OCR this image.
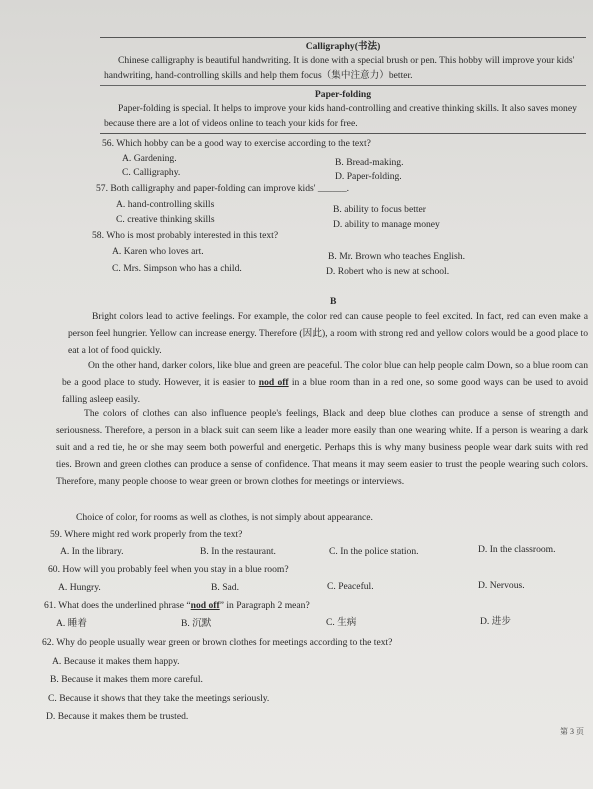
Calligraphy(书法)
Chinese calligraphy is beautiful handwriting. It is done with a special brush or pen. This hobby will improve your kids' handwriting, hand-controlling skills and help them focus（集中注意力）better.
Paper-folding
Paper-folding is special. It helps to improve your kids hand-controlling and creative thinking skills. It also saves money because there are a lot of videos online to teach your kids for free.
56. Which hobby can be a good way to exercise according to the text?
A. Gardening.	B. Bread-making.
C. Calligraphy.	D. Paper-folding.
57. Both calligraphy and paper-folding can improve kids' ______.
A. hand-controlling skills	B. ability to focus better
C. creative thinking skills	D. ability to manage money
58. Who is most probably interested in this text?
A. Karen who loves art.	B. Mr. Brown who teaches English.
C. Mrs. Simpson who has a child.	D. Robert who is new at school.
B
Bright colors lead to active feelings. For example, the color red can cause people to feel excited. In fact, red can even make a person feel hungrier. Yellow can increase energy. Therefore (因此), a room with strong red and yellow colors would be a good place to eat a lot of food quickly.
On the other hand, darker colors, like blue and green are peaceful. The color blue can help people calm Down, so a blue room can be a good place to study. However, it is easier to nod off in a blue room than in a red one, so some good ways can be used to avoid falling asleep easily.
The colors of clothes can also influence people's feelings, Black and deep blue clothes can produce a sense of strength and seriousness. Therefore, a person in a black suit can seem like a leader more easily than one wearing white. If a person is wearing a dark suit and a red tie, he or she may seem both powerful and energetic. Perhaps this is why many business people wear dark suits with red ties. Brown and green clothes can produce a sense of confidence. That means it may seem easier to trust the people wearing such colors. Therefore, many people choose to wear green or brown clothes for meetings or interviews.
Choice of color, for rooms as well as clothes, is not simply about appearance.
59. Where might red work properly from the text?
A. In the library.	B. In the restaurant.	C. In the police station.	D. In the classroom.
60. How will you probably feel when you stay in a blue room?
A. Hungry.	B. Sad.	C. Peaceful.	D. Nervous.
61. What does the underlined phrase “nod off” in Paragraph 2 mean?
A. 睡着	B. 沉默	C. 生病	D. 进步
62. Why do people usually wear green or brown clothes for meetings according to the text?
A. Because it makes them happy.
B. Because it makes them more careful.
C. Because it shows that they take the meetings seriously.
D. Because it makes them be trusted.
第 3 页
